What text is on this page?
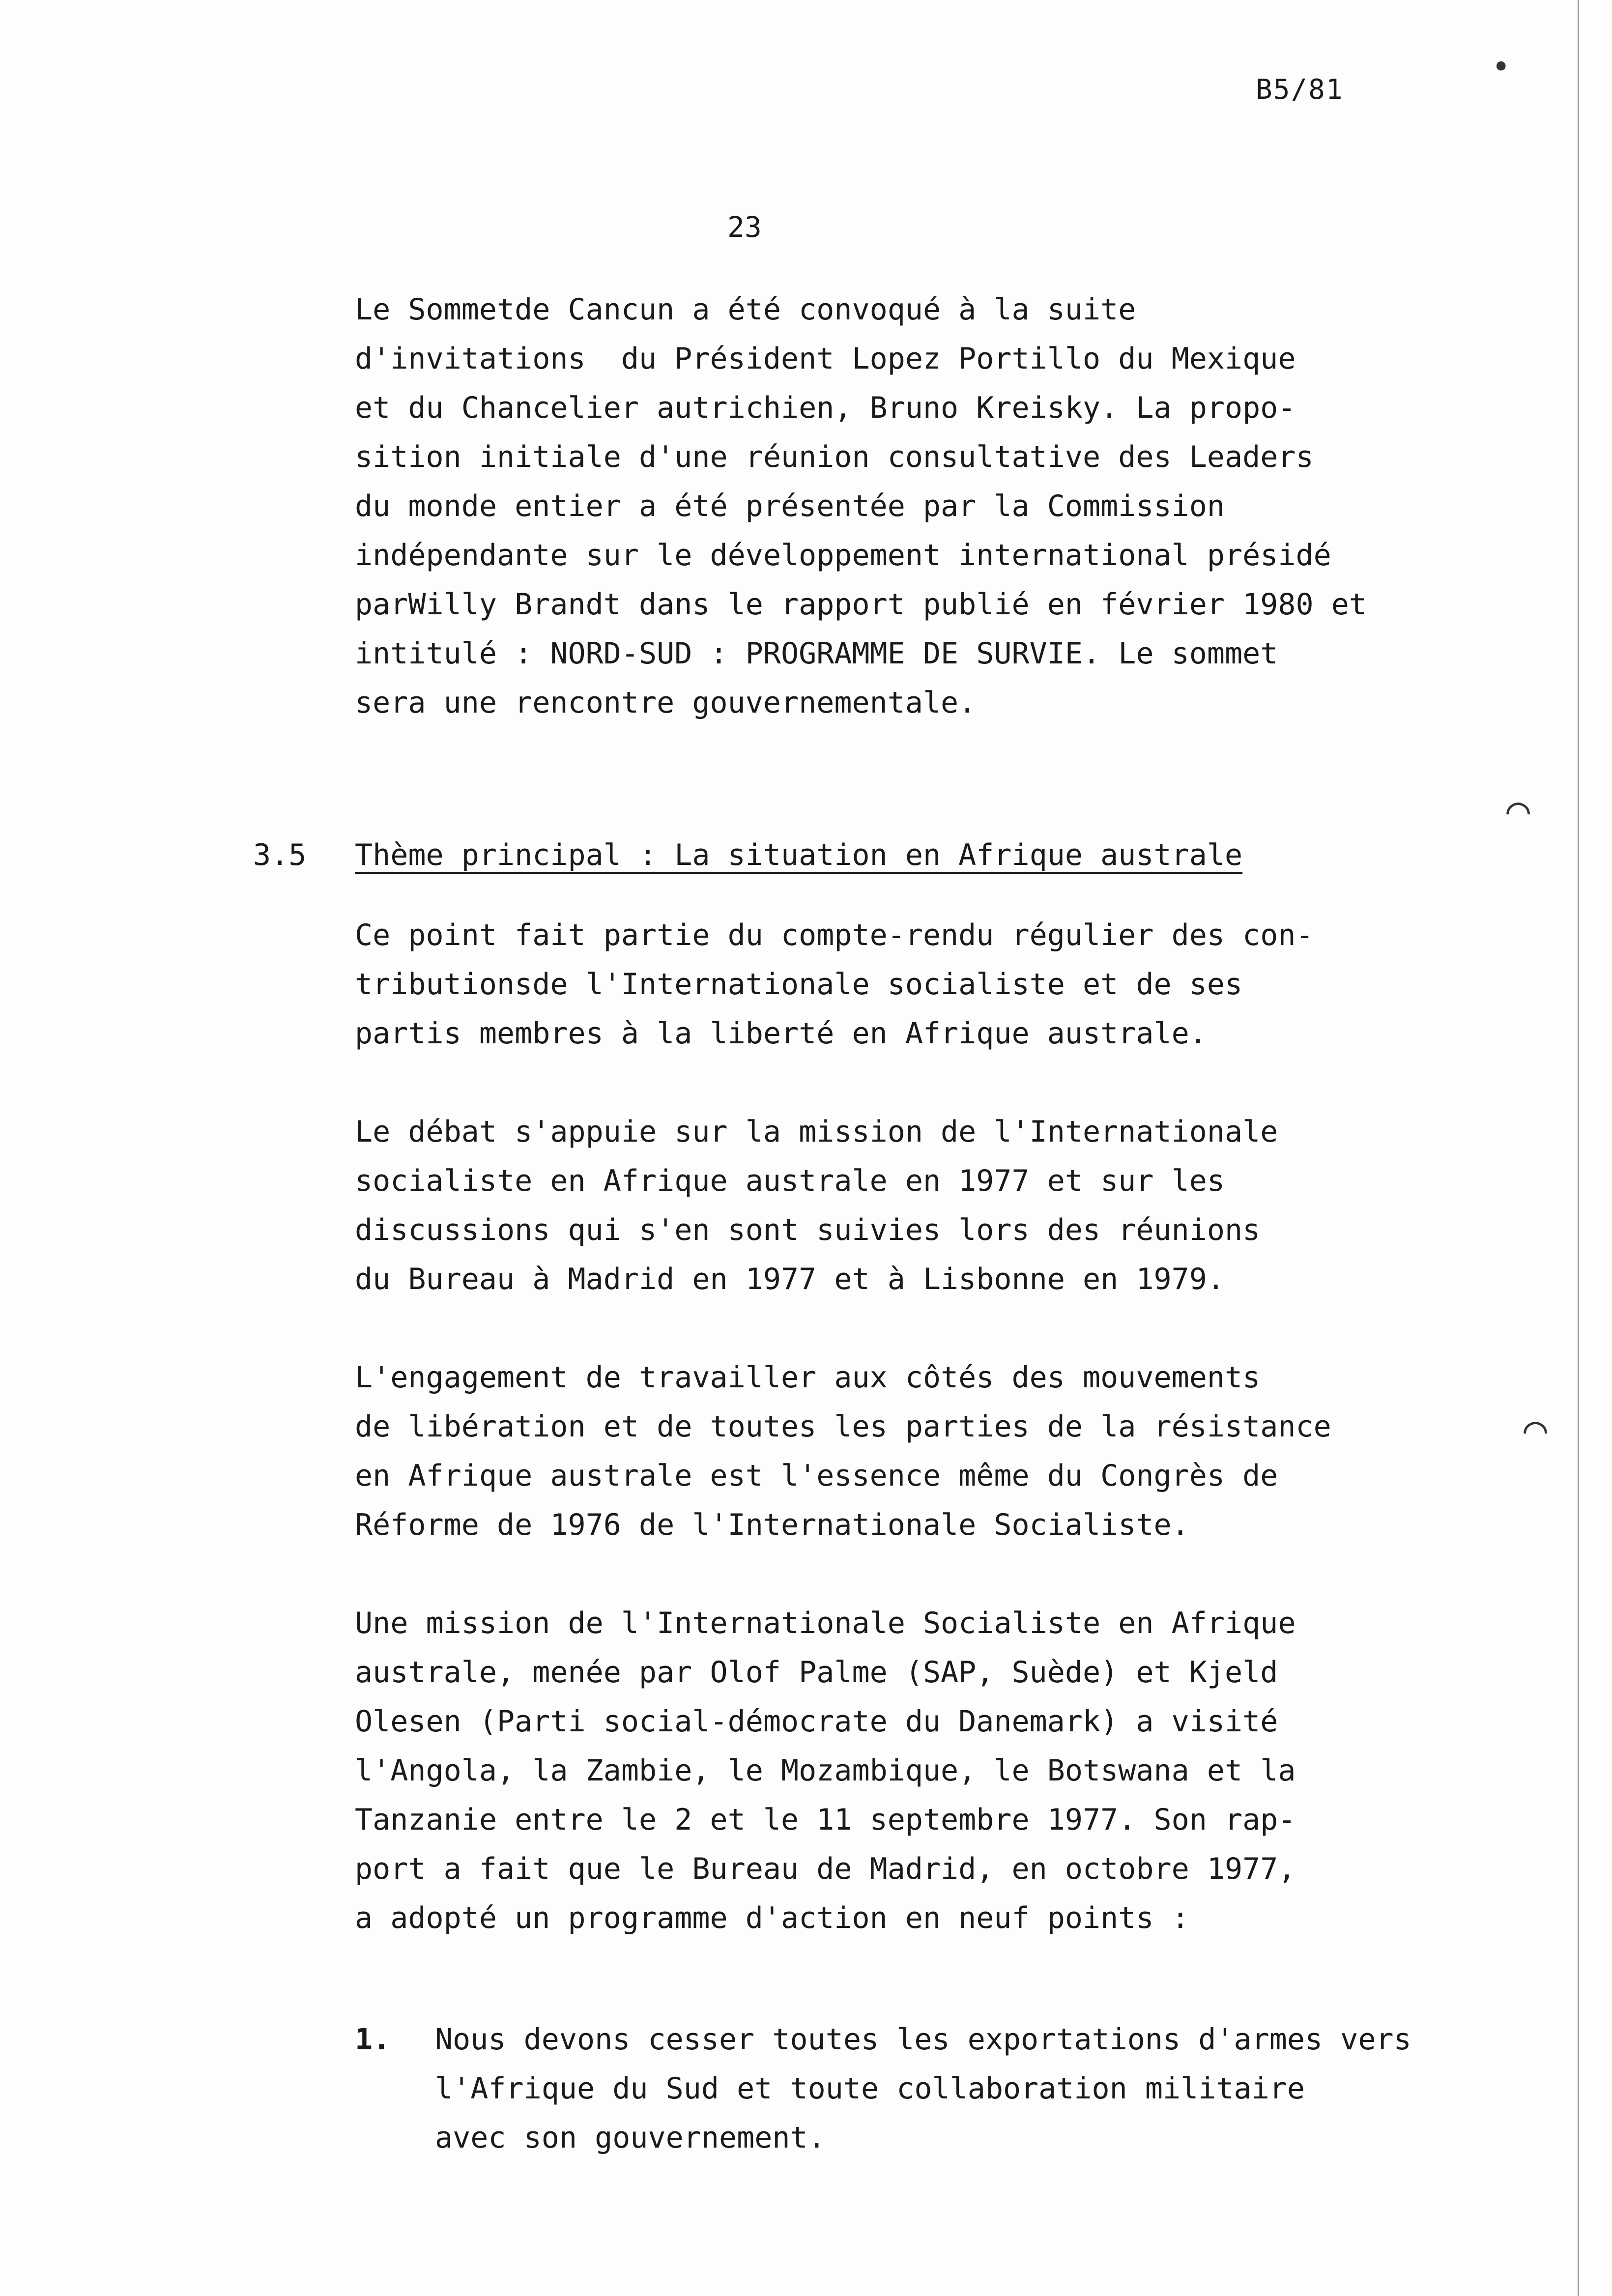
•
⌒
⌒
B5/81
23
Le Sommetde Cancun a été convoqué à la suite
d'invitations  du Président Lopez Portillo du Mexique
et du Chancelier autrichien, Bruno Kreisky. La propo-
sition initiale d'une réunion consultative des Leaders
du monde entier a été présentée par la Commission
indépendante sur le développement international présidé
parWilly Brandt dans le rapport publié en février 1980 et
intitulé : NORD-SUD : PROGRAMME DE SURVIE. Le sommet
sera une rencontre gouvernementale.

3.5

Thème principal : La situation en Afrique australe

Ce point fait partie du compte-rendu régulier des con-
tributionsde l'Internationale socialiste et de ses
partis membres à la liberté en Afrique australe.
Le débat s'appuie sur la mission de l'Internationale
socialiste en Afrique australe en 1977 et sur les
discussions qui s'en sont suivies lors des réunions
du Bureau à Madrid en 1977 et à Lisbonne en 1979.
L'engagement de travailler aux côtés des mouvements
de libération et de toutes les parties de la résistance
en Afrique australe est l'essence même du Congrès de
Réforme de 1976 de l'Internationale Socialiste.
Une mission de l'Internationale Socialiste en Afrique
australe, menée par Olof Palme (SAP, Suède) et Kjeld
Olesen (Parti social-démocrate du Danemark) a visité
l'Angola, la Zambie, le Mozambique, le Botswana et la
Tanzanie entre le 2 et le 11 septembre 1977. Son rap-
port a fait que le Bureau de Madrid, en octobre 1977,
a adopté un programme d'action en neuf points :
1. Nous devons cesser toutes les exportations d'armes vers
l'Afrique du Sud et toute collaboration militaire
avec son gouvernement.
